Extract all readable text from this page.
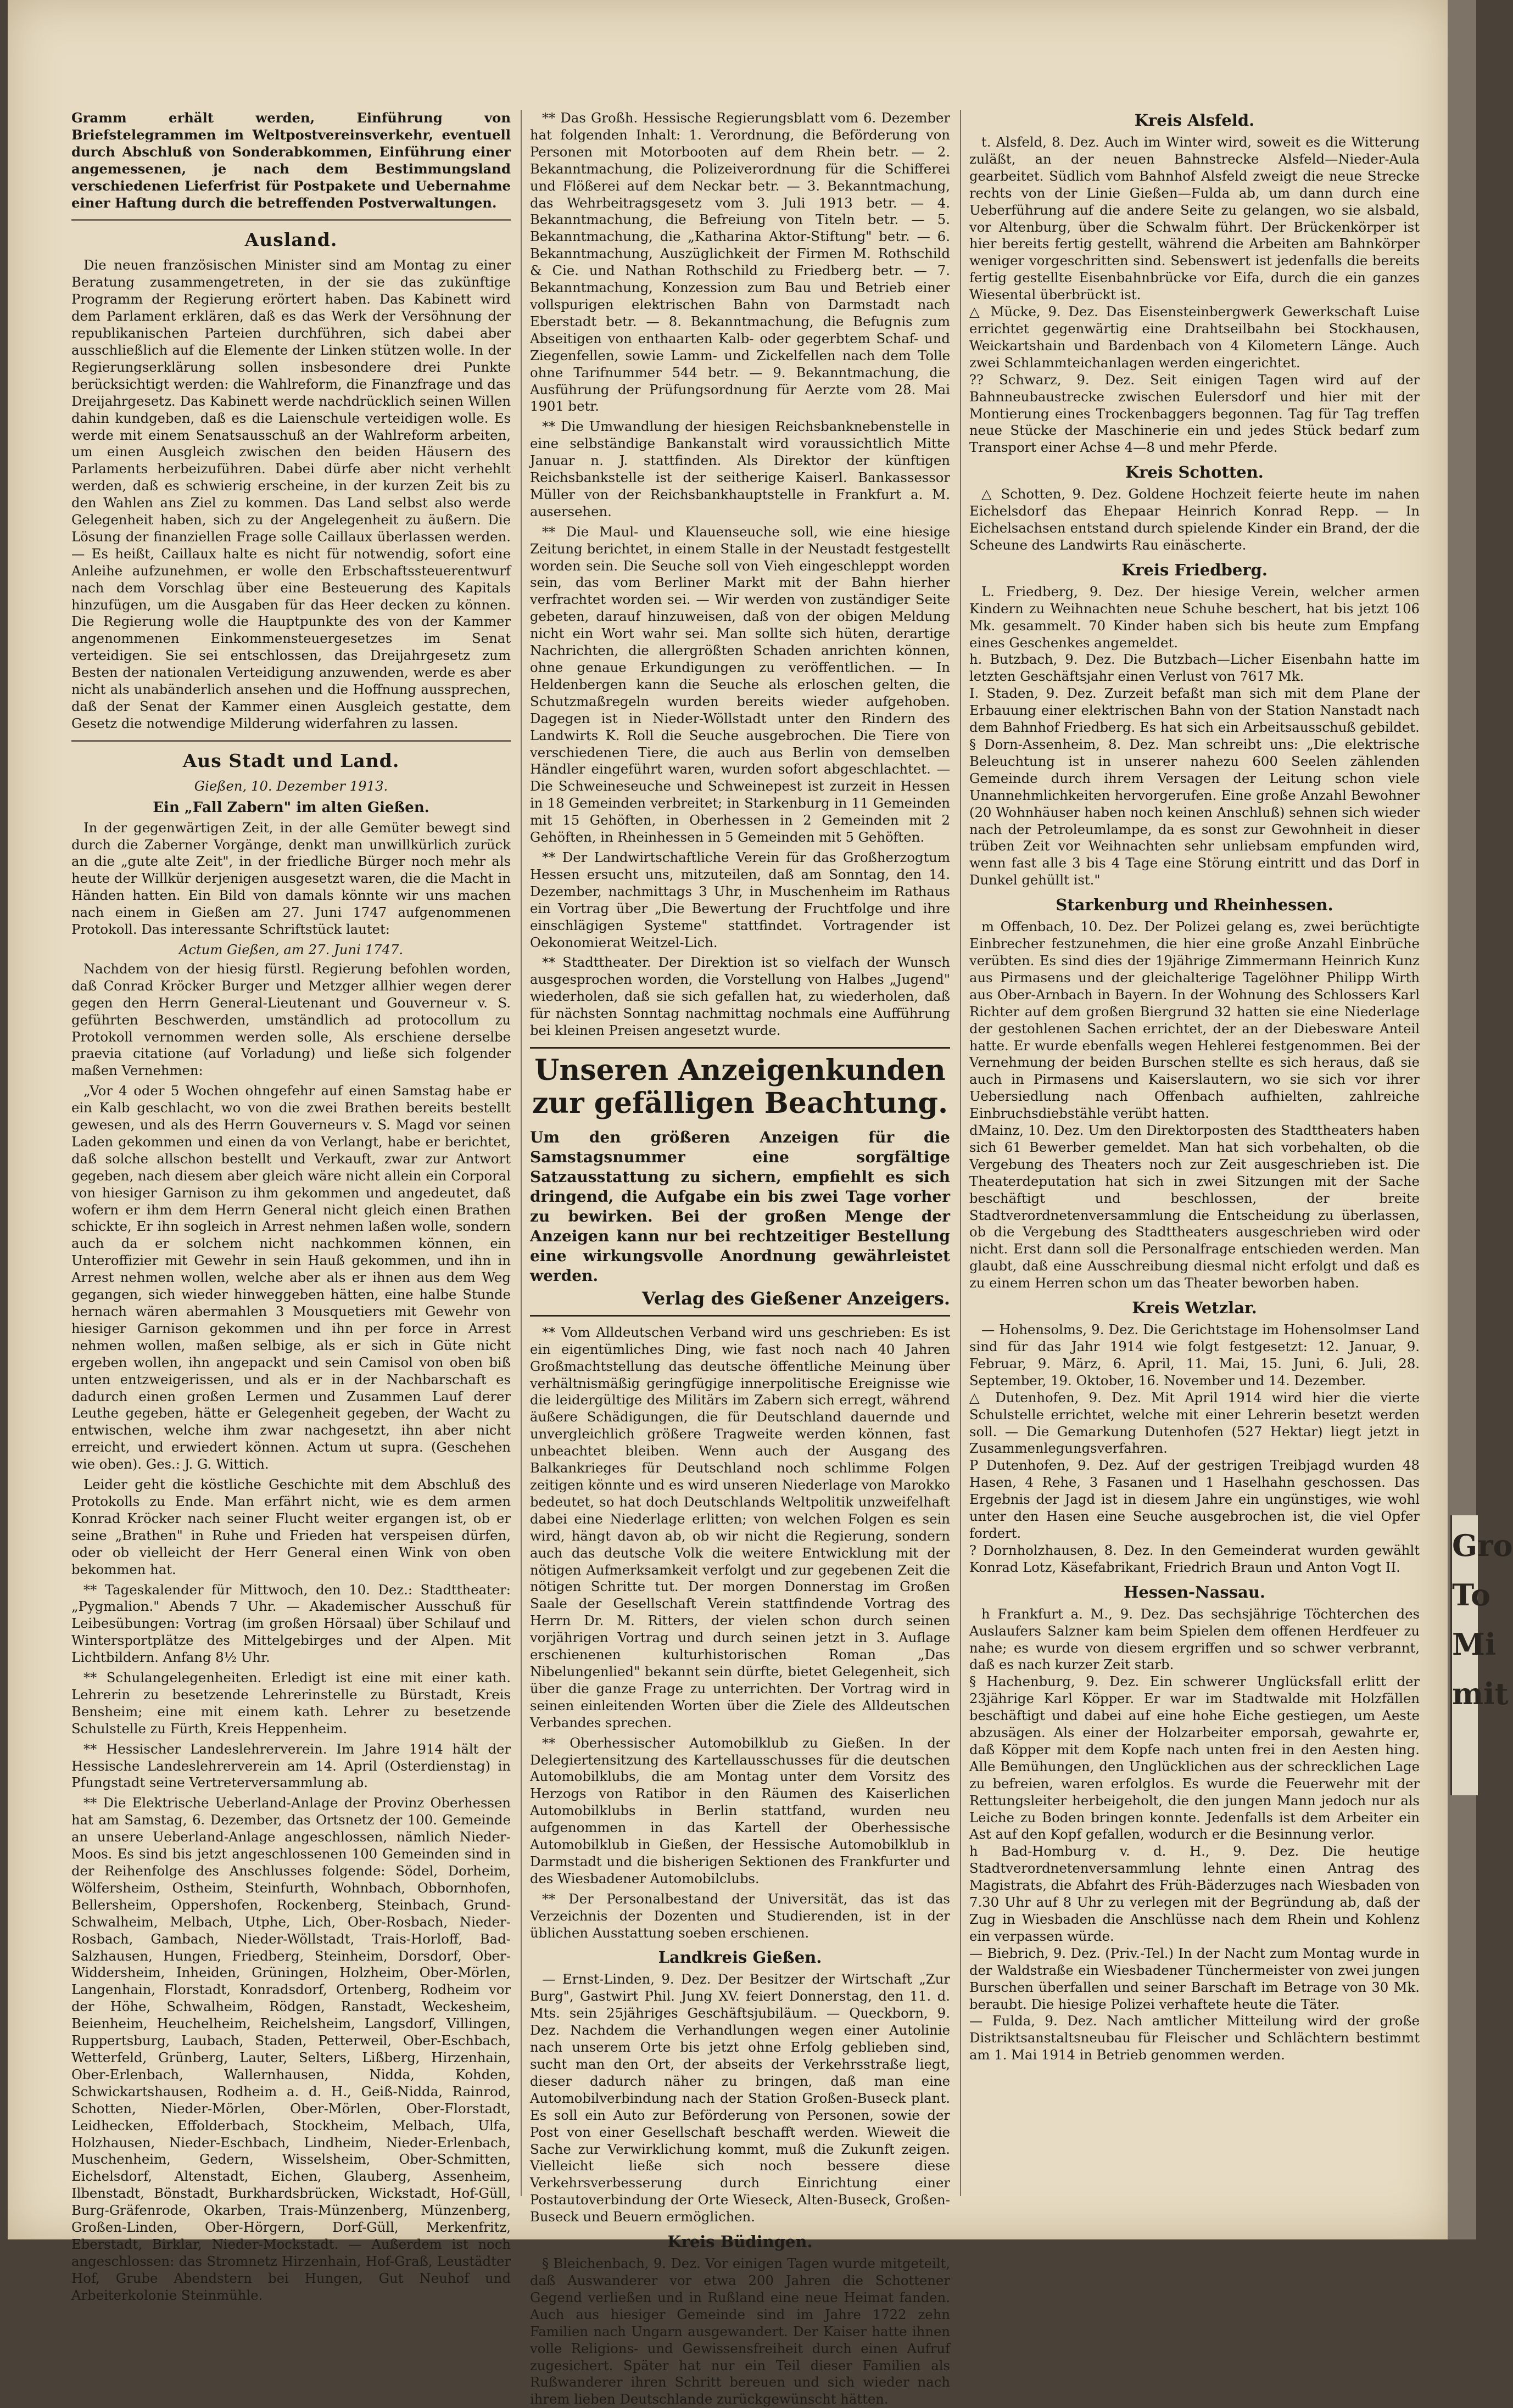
Gro To Mi mit

Gramm erhält werden, Einführung von Briefstelegrammen im Weltpostvereinsverkehr, eventuell durch Abschluß von Sonderabkommen, Einführung einer angemessenen, je nach dem Bestimmungsland verschiedenen Lieferfrist für Postpakete und Uebernahme einer Haftung durch die betreffenden Postverwaltungen.

Ausland.

Die neuen französischen Minister sind am Montag zu einer Beratung zusammengetreten, in der sie das zukünftige Programm der Regierung erörtert haben. Das Kabinett wird dem Parlament erklären, daß es das Werk der Versöhnung der republikanischen Parteien durchführen, sich dabei aber ausschließlich auf die Elemente der Linken stützen wolle. In der Regierungserklärung sollen insbesondere drei Punkte berücksichtigt werden: die Wahlreform, die Finanzfrage und das Dreijahrgesetz. Das Kabinett werde nachdrücklich seinen Willen dahin kundgeben, daß es die Laienschule verteidigen wolle. Es werde mit einem Senatsausschuß an der Wahlreform arbeiten, um einen Ausgleich zwischen den beiden Häusern des Parlaments herbeizuführen. Dabei dürfe aber nicht verhehlt werden, daß es schwierig erscheine, in der kurzen Zeit bis zu den Wahlen ans Ziel zu kommen. Das Land selbst also werde Gelegenheit haben, sich zu der Angelegenheit zu äußern. Die Lösung der finanziellen Frage solle Caillaux überlassen werden. — Es heißt, Caillaux halte es nicht für notwendig, sofort eine Anleihe aufzunehmen, er wolle den Erbschaftssteuerentwurf nach dem Vorschlag über eine Besteuerung des Kapitals hinzufügen, um die Ausgaben für das Heer decken zu können. Die Regierung wolle die Hauptpunkte des von der Kammer angenommenen Einkommensteuergesetzes im Senat verteidigen. Sie sei entschlossen, das Dreijahrgesetz zum Besten der nationalen Verteidigung anzuwenden, werde es aber nicht als unabänderlich ansehen und die Hoffnung aussprechen, daß der Senat der Kammer einen Ausgleich gestatte, dem Gesetz die notwendige Milderung widerfahren zu lassen.

Aus Stadt und Land.
Gießen, 10. Dezember 1913.
Ein „Fall Zabern" im alten Gießen.

In der gegenwärtigen Zeit, in der alle Gemüter bewegt sind durch die Zaberner Vorgänge, denkt man unwillkürlich zurück an die „gute alte Zeit", in der friedliche Bürger noch mehr als heute der Willkür derjenigen ausgesetzt waren, die die Macht in Händen hatten. Ein Bild von damals könnte wir uns machen nach einem in Gießen am 27. Juni 1747 aufgenommenen Protokoll. Das interessante Schriftstück lautet:

Actum Gießen, am 27. Juni 1747.

Nachdem von der hiesig fürstl. Regierung befohlen worden, daß Conrad Kröcker Burger und Metzger allhier wegen derer gegen den Herrn General-Lieutenant und Gouverneur v. S. geführten Beschwerden, umständlich ad protocollum zu Protokoll vernommen werden solle, Als erschiene derselbe praevia citatione (auf Vorladung) und ließe sich folgender maßen Vernehmen:

„Vor 4 oder 5 Wochen ohngefehr auf einen Samstag habe er ein Kalb geschlacht, wo von die zwei Brathen bereits bestellt gewesen, und als des Herrn Gouverneurs v. S. Magd vor seinen Laden gekommen und einen da von Verlangt, habe er berichtet, daß solche allschon bestellt und Verkauft, zwar zur Antwort gegeben, nach diesem aber gleich wäre nicht allein ein Corporal von hiesiger Garnison zu ihm gekommen und angedeutet, daß wofern er ihm dem Herrn General nicht gleich einen Brathen schickte, Er ihn sogleich in Arrest nehmen laßen wolle, sondern auch da er solchem nicht nachkommen können, ein Unteroffizier mit Gewehr in sein Hauß gekommen, und ihn in Arrest nehmen wollen, welche aber als er ihnen aus dem Weg gegangen, sich wieder hinweggeben hätten, eine halbe Stunde hernach wären abermahlen 3 Mousquetiers mit Gewehr von hiesiger Garnison gekommen und ihn per force in Arrest nehmen wollen, maßen selbige, als er sich in Güte nicht ergeben wollen, ihn angepackt und sein Camisol von oben biß unten entzweigerissen, und als er in der Nachbarschaft es dadurch einen großen Lermen und Zusammen Lauf derer Leuthe gegeben, hätte er Gelegenheit gegeben, der Wacht zu entwischen, welche ihm zwar nachgesetzt, ihn aber nicht erreicht, und erwiedert können. Actum ut supra. (Geschehen wie oben). Ges.: J. G. Wittich.

Leider geht die köstliche Geschichte mit dem Abschluß des Protokolls zu Ende. Man erfährt nicht, wie es dem armen Konrad Kröcker nach seiner Flucht weiter ergangen ist, ob er seine „Brathen" in Ruhe und Frieden hat verspeisen dürfen, oder ob vielleicht der Herr General einen Wink von oben bekommen hat.

** Tageskalender für Mittwoch, den 10. Dez.: Stadttheater: „Pygmalion." Abends 7 Uhr. — Akademischer Ausschuß für Leibesübungen: Vortrag (im großen Hörsaal) über Schilauf und Wintersportplätze des Mittelgebirges und der Alpen. Mit Lichtbildern. Anfang 8½ Uhr.

** Schulangelegenheiten. Erledigt ist eine mit einer kath. Lehrerin zu besetzende Lehrerinstelle zu Bürstadt, Kreis Bensheim; eine mit einem kath. Lehrer zu besetzende Schulstelle zu Fürth, Kreis Heppenheim.

** Hessischer Landeslehrerverein. Im Jahre 1914 hält der Hessische Landeslehrerverein am 14. April (Osterdienstag) in Pfungstadt seine Vertreterversammlung ab.

** Die Elektrische Ueberland-Anlage der Provinz Oberhessen hat am Samstag, 6. Dezember, das Ortsnetz der 100. Gemeinde an unsere Ueberland-Anlage angeschlossen, nämlich Nieder-Moos. Es sind bis jetzt angeschlossenen 100 Gemeinden sind in der Reihenfolge des Anschlusses folgende: Södel, Dorheim, Wölfersheim, Ostheim, Steinfurth, Wohnbach, Obbornhofen, Bellersheim, Oppershofen, Rockenberg, Steinbach, Grund-Schwalheim, Melbach, Utphe, Lich, Ober-Rosbach, Nieder-Rosbach, Gambach, Nieder-Wöllstadt, Trais-Horloff, Bad-Salzhausen, Hungen, Friedberg, Steinheim, Dorsdorf, Ober-Widdersheim, Inheiden, Grüningen, Holzheim, Ober-Mörlen, Langenhain, Florstadt, Konradsdorf, Ortenberg, Rodheim vor der Höhe, Schwalheim, Rödgen, Ranstadt, Weckesheim, Beienheim, Heuchelheim, Reichelsheim, Langsdorf, Villingen, Ruppertsburg, Laubach, Staden, Petterweil, Ober-Eschbach, Wetterfeld, Grünberg, Lauter, Selters, Lißberg, Hirzenhain, Ober-Erlenbach, Wallernhausen, Nidda, Kohden, Schwickartshausen, Rodheim a. d. H., Geiß-Nidda, Rainrod, Schotten, Nieder-Mörlen, Ober-Mörlen, Ober-Florstadt, Leidhecken, Effolderbach, Stockheim, Melbach, Ulfa, Holzhausen, Nieder-Eschbach, Lindheim, Nieder-Erlenbach, Muschenheim, Gedern, Wisselsheim, Ober-Schmitten, Eichelsdorf, Altenstadt, Eichen, Glauberg, Assenheim, Ilbenstadt, Bönstadt, Burkhardsbrücken, Wickstadt, Hof-Güll, Burg-Gräfenrode, Okarben, Trais-Münzenberg, Münzenberg, Großen-Linden, Ober-Hörgern, Dorf-Güll, Merkenfritz, Eberstadt, Birklar, Nieder-Mockstadt. — Außerdem ist noch angeschlossen: das Stromnetz Hirzenhain, Hof-Graß, Leustädter Hof, Grube Abendstern bei Hungen, Gut Neuhof und Arbeiterkolonie Steinmühle.

** Das Großh. Hessische Regierungsblatt vom 6. Dezember hat folgenden Inhalt: 1. Verordnung, die Beförderung von Personen mit Motorbooten auf dem Rhein betr. — 2. Bekanntmachung, die Polizeiverordnung für die Schifferei und Flößerei auf dem Neckar betr. — 3. Bekanntmachung, das Wehrbeitragsgesetz vom 3. Juli 1913 betr. — 4. Bekanntmachung, die Befreiung von Titeln betr. — 5. Bekanntmachung, die „Katharina Aktor-Stiftung" betr. — 6. Bekanntmachung, Auszüglichkeit der Firmen M. Rothschild & Cie. und Nathan Rothschild zu Friedberg betr. — 7. Bekanntmachung, Konzession zum Bau und Betrieb einer vollspurigen elektrischen Bahn von Darmstadt nach Eberstadt betr. — 8. Bekanntmachung, die Befugnis zum Abseitigen von enthaarten Kalb- oder gegerbtem Schaf- und Ziegenfellen, sowie Lamm- und Zickelfellen nach dem Tolle ohne Tarifnummer 544 betr. — 9. Bekanntmachung, die Ausführung der Prüfungsordnung für Aerzte vom 28. Mai 1901 betr.

** Die Umwandlung der hiesigen Reichsbanknebenstelle in eine selbständige Bankanstalt wird voraussichtlich Mitte Januar n. J. stattfinden. Als Direktor der künftigen Reichsbankstelle ist der seitherige Kaiserl. Bankassessor Müller von der Reichsbankhauptstelle in Frankfurt a. M. ausersehen.

** Die Maul- und Klauenseuche soll, wie eine hiesige Zeitung berichtet, in einem Stalle in der Neustadt festgestellt worden sein. Die Seuche soll von Vieh eingeschleppt worden sein, das vom Berliner Markt mit der Bahn hierher verfrachtet worden sei. — Wir werden von zuständiger Seite gebeten, darauf hinzuweisen, daß von der obigen Meldung nicht ein Wort wahr sei. Man sollte sich hüten, derartige Nachrichten, die allergrößten Schaden anrichten können, ohne genaue Erkundigungen zu veröffentlichen. — In Heldenbergen kann die Seuche als erloschen gelten, die Schutzmaßregeln wurden bereits wieder aufgehoben. Dagegen ist in Nieder-Wöllstadt unter den Rindern des Landwirts K. Roll die Seuche ausgebrochen. Die Tiere von verschiedenen Tiere, die auch aus Berlin von demselben Händler eingeführt waren, wurden sofort abgeschlachtet. — Die Schweineseuche und Schweinepest ist zurzeit in Hessen in 18 Gemeinden verbreitet; in Starkenburg in 11 Gemeinden mit 15 Gehöften, in Oberhessen in 2 Gemeinden mit 2 Gehöften, in Rheinhessen in 5 Gemeinden mit 5 Gehöften.

** Der Landwirtschaftliche Verein für das Großherzogtum Hessen ersucht uns, mitzuteilen, daß am Sonntag, den 14. Dezember, nachmittags 3 Uhr, in Muschenheim im Rathaus ein Vortrag über „Die Bewertung der Fruchtfolge und ihre einschlägigen Systeme" stattfindet. Vortragender ist Oekonomierat Weitzel-Lich.

** Stadttheater. Der Direktion ist so vielfach der Wunsch ausgesprochen worden, die Vorstellung von Halbes „Jugend" wiederholen, daß sie sich gefallen hat, zu wiederholen, daß für nächsten Sonntag nachmittag nochmals eine Aufführung bei kleinen Preisen angesetzt wurde.

Unseren Anzeigenkunden zur gefälligen Beachtung.
Um den größeren Anzeigen für die Samstagsnummer eine sorgfältige Satzausstattung zu sichern, empfiehlt es sich dringend, die Aufgabe ein bis zwei Tage vorher zu bewirken. Bei der großen Menge der Anzeigen kann nur bei rechtzeitiger Bestellung eine wirkungsvolle Anordnung gewährleistet werden.
Verlag des Gießener Anzeigers.

** Vom Alldeutschen Verband wird uns geschrieben: Es ist ein eigentümliches Ding, wie fast noch nach 40 Jahren Großmachtstellung das deutsche öffentliche Meinung über verhältnismäßig geringfügige innerpolitische Ereignisse wie die leidergültige des Militärs im Zabern sich erregt, während äußere Schädigungen, die für Deutschland dauernde und unvergleichlich größere Tragweite werden können, fast unbeachtet bleiben. Wenn auch der Ausgang des Balkankrieges für Deutschland noch schlimme Folgen zeitigen könnte und es wird unseren Niederlage von Marokko bedeutet, so hat doch Deutschlands Weltpolitik unzweifelhaft dabei eine Niederlage erlitten; von welchen Folgen es sein wird, hängt davon ab, ob wir nicht die Regierung, sondern auch das deutsche Volk die weitere Entwicklung mit der nötigen Aufmerksamkeit verfolgt und zur gegebenen Zeit die nötigen Schritte tut. Der morgen Donnerstag im Großen Saale der Gesellschaft Verein stattfindende Vortrag des Herrn Dr. M. Ritters, der vielen schon durch seinen vorjährigen Vortrag und durch seinen jetzt in 3. Auflage erschienenen kulturhistorischen Roman „Das Nibelungenlied" bekannt sein dürfte, bietet Gelegenheit, sich über die ganze Frage zu unterrichten. Der Vortrag wird in seinen einleitenden Worten über die Ziele des Alldeutschen Verbandes sprechen.

** Oberhessischer Automobilklub zu Gießen. In der Delegiertensitzung des Kartellausschusses für die deutschen Automobilklubs, die am Montag unter dem Vorsitz des Herzogs von Ratibor in den Räumen des Kaiserlichen Automobilklubs in Berlin stattfand, wurden neu aufgenommen in das Kartell der Oberhessische Automobilklub in Gießen, der Hessische Automobilklub in Darmstadt und die bisherigen Sektionen des Frankfurter und des Wiesbadener Automobilclubs.

** Der Personalbestand der Universität, das ist das Verzeichnis der Dozenten und Studierenden, ist in der üblichen Ausstattung soeben erschienen.

Landkreis Gießen.

— Ernst-Linden, 9. Dez. Der Besitzer der Wirtschaft „Zur Burg", Gastwirt Phil. Jung XV. feiert Donnerstag, den 11. d. Mts. sein 25jähriges Geschäftsjubiläum. — Queckborn, 9. Dez. Nachdem die Verhandlungen wegen einer Autolinie nach unserem Orte bis jetzt ohne Erfolg geblieben sind, sucht man den Ort, der abseits der Verkehrsstraße liegt, dieser dadurch näher zu bringen, daß man eine Automobilverbindung nach der Station Großen-Buseck plant. Es soll ein Auto zur Beförderung von Personen, sowie der Post von einer Gesellschaft beschafft werden. Wieweit die Sache zur Verwirklichung kommt, muß die Zukunft zeigen. Vielleicht ließe sich noch bessere diese Verkehrsverbesserung durch Einrichtung einer Postautoverbindung der Orte Wieseck, Alten-Buseck, Großen-Buseck und Beuern ermöglichen.

Kreis Büdingen.

§ Bleichenbach, 9. Dez. Vor einigen Tagen wurde mitgeteilt, daß Auswanderer vor etwa 200 Jahren die Schottener Gegend verließen und in Rußland eine neue Heimat fanden. Auch aus hiesiger Gemeinde sind im Jahre 1722 zehn Familien nach Ungarn ausgewandert. Der Kaiser hatte ihnen volle Religions- und Gewissensfreiheit durch einen Aufruf zugesichert. Später hat nur ein Teil dieser Familien als Rußwanderer ihren Schritt bereuen und sich wieder nach ihrem lieben Deutschlande zurückgewünscht hätten.

Kreis Alsfeld.

t. Alsfeld, 8. Dez. Auch im Winter wird, soweit es die Witterung zuläßt, an der neuen Bahnstrecke Alsfeld—Nieder-Aula gearbeitet. Südlich vom Bahnhof Alsfeld zweigt die neue Strecke rechts von der Linie Gießen—Fulda ab, um dann durch eine Ueberführung auf die andere Seite zu gelangen, wo sie alsbald, vor Altenburg, über die Schwalm führt. Der Brückenkörper ist hier bereits fertig gestellt, während die Arbeiten am Bahnkörper weniger vorgeschritten sind. Sebenswert ist jedenfalls die bereits fertig gestellte Eisenbahnbrücke vor Eifa, durch die ein ganzes Wiesental überbrückt ist.
△ Mücke, 9. Dez. Das Eisensteinbergwerk Gewerkschaft Luise errichtet gegenwärtig eine Drahtseilbahn bei Stockhausen, Weickartshain und Bardenbach von 4 Kilometern Länge. Auch zwei Schlammteichanlagen werden eingerichtet.
?? Schwarz, 9. Dez. Seit einigen Tagen wird auf der Bahnneubaustrecke zwischen Eulersdorf und hier mit der Montierung eines Trockenbaggers begonnen. Tag für Tag treffen neue Stücke der Maschinerie ein und jedes Stück bedarf zum Transport einer Achse 4—8 und mehr Pferde.

Kreis Schotten.

△ Schotten, 9. Dez. Goldene Hochzeit feierte heute im nahen Eichelsdorf das Ehepaar Heinrich Konrad Repp. — In Eichelsachsen entstand durch spielende Kinder ein Brand, der die Scheune des Landwirts Rau einäscherte.

Kreis Friedberg.

L. Friedberg, 9. Dez. Der hiesige Verein, welcher armen Kindern zu Weihnachten neue Schuhe beschert, hat bis jetzt 106 Mk. gesammelt. 70 Kinder haben sich bis heute zum Empfang eines Geschenkes angemeldet.
h. Butzbach, 9. Dez. Die Butzbach—Licher Eisenbahn hatte im letzten Geschäftsjahr einen Verlust von 7617 Mk.
I. Staden, 9. Dez. Zurzeit befaßt man sich mit dem Plane der Erbauung einer elektrischen Bahn von der Station Nanstadt nach dem Bahnhof Friedberg. Es hat sich ein Arbeitsausschuß gebildet.
§ Dorn-Assenheim, 8. Dez. Man schreibt uns: „Die elektrische Beleuchtung ist in unserer nahezu 600 Seelen zählenden Gemeinde durch ihrem Versagen der Leitung schon viele Unannehmlichkeiten hervorgerufen. Eine große Anzahl Bewohner (20 Wohnhäuser haben noch keinen Anschluß) sehnen sich wieder nach der Petroleumlampe, da es sonst zur Gewohnheit in dieser trüben Zeit vor Weihnachten sehr unliebsam empfunden wird, wenn fast alle 3 bis 4 Tage eine Störung eintritt und das Dorf in Dunkel gehüllt ist."

Starkenburg und Rheinhessen.

m Offenbach, 10. Dez. Der Polizei gelang es, zwei berüchtigte Einbrecher festzunehmen, die hier eine große Anzahl Einbrüche verübten. Es sind dies der 19jährige Zimmermann Heinrich Kunz aus Pirmasens und der gleichalterige Tagelöhner Philipp Wirth aus Ober-Arnbach in Bayern. In der Wohnung des Schlossers Karl Richter auf dem großen Biergrund 32 hatten sie eine Niederlage der gestohlenen Sachen errichtet, der an der Diebesware Anteil hatte. Er wurde ebenfalls wegen Hehlerei festgenommen. Bei der Vernehmung der beiden Burschen stellte es sich heraus, daß sie auch in Pirmasens und Kaiserslautern, wo sie sich vor ihrer Uebersiedlung nach Offenbach aufhielten, zahlreiche Einbruchsdiebstähle verübt hatten.
dMainz, 10. Dez. Um den Direktorposten des Stadttheaters haben sich 61 Bewerber gemeldet. Man hat sich vorbehalten, ob die Vergebung des Theaters noch zur Zeit ausgeschrieben ist. Die Theaterdeputation hat sich in zwei Sitzungen mit der Sache beschäftigt und beschlossen, der breite Stadtverordnetenversammlung die Entscheidung zu überlassen, ob die Vergebung des Stadttheaters ausgeschrieben wird oder nicht. Erst dann soll die Personalfrage entschieden werden. Man glaubt, daß eine Ausschreibung diesmal nicht erfolgt und daß es zu einem Herren schon um das Theater beworben haben.

Kreis Wetzlar.

— Hohensolms, 9. Dez. Die Gerichtstage im Hohensolmser Land sind für das Jahr 1914 wie folgt festgesetzt: 12. Januar, 9. Februar, 9. März, 6. April, 11. Mai, 15. Juni, 6. Juli, 28. September, 19. Oktober, 16. November und 14. Dezember.
△ Dutenhofen, 9. Dez. Mit April 1914 wird hier die vierte Schulstelle errichtet, welche mit einer Lehrerin besetzt werden soll. — Die Gemarkung Dutenhofen (527 Hektar) liegt jetzt in Zusammenlegungsverfahren.
P Dutenhofen, 9. Dez. Auf der gestrigen Treibjagd wurden 48 Hasen, 4 Rehe, 3 Fasanen und 1 Haselhahn geschossen. Das Ergebnis der Jagd ist in diesem Jahre ein ungünstiges, wie wohl unter den Hasen eine Seuche ausgebrochen ist, die viel Opfer fordert.
? Dornholzhausen, 8. Dez. In den Gemeinderat wurden gewählt Konrad Lotz, Käsefabrikant, Friedrich Braun und Anton Vogt II.

Hessen-Nassau.

h Frankfurt a. M., 9. Dez. Das sechsjährige Töchterchen des Auslaufers Salzner kam beim Spielen dem offenen Herdfeuer zu nahe; es wurde von diesem ergriffen und so schwer verbrannt, daß es nach kurzer Zeit starb.
§ Hachenburg, 9. Dez. Ein schwerer Unglücksfall erlitt der 23jährige Karl Köpper. Er war im Stadtwalde mit Holzfällen beschäftigt und dabei auf eine hohe Eiche gestiegen, um Aeste abzusägen. Als einer der Holzarbeiter emporsah, gewahrte er, daß Köpper mit dem Kopfe nach unten frei in den Aesten hing. Alle Bemühungen, den Unglücklichen aus der schrecklichen Lage zu befreien, waren erfolglos. Es wurde die Feuerwehr mit der Rettungsleiter herbeigeholt, die den jungen Mann jedoch nur als Leiche zu Boden bringen konnte. Jedenfalls ist dem Arbeiter ein Ast auf den Kopf gefallen, wodurch er die Besinnung verlor.
h Bad-Homburg v. d. H., 9. Dez. Die heutige Stadtverordnetenversammlung lehnte einen Antrag des Magistrats, die Abfahrt des Früh-Bäderzuges nach Wiesbaden von 7.30 Uhr auf 8 Uhr zu verlegen mit der Begründung ab, daß der Zug in Wiesbaden die Anschlüsse nach dem Rhein und Kohlenz ein verpassen würde.
— Biebrich, 9. Dez. (Priv.-Tel.) In der Nacht zum Montag wurde in der Waldstraße ein Wiesbadener Tünchermeister von zwei jungen Burschen überfallen und seiner Barschaft im Betrage von 30 Mk. beraubt. Die hiesige Polizei verhaftete heute die Täter.
— Fulda, 9. Dez. Nach amtlicher Mitteilung wird der große Distriktsanstaltsneubau für Fleischer und Schlächtern bestimmt am 1. Mai 1914 in Betrieb genommen werden.
